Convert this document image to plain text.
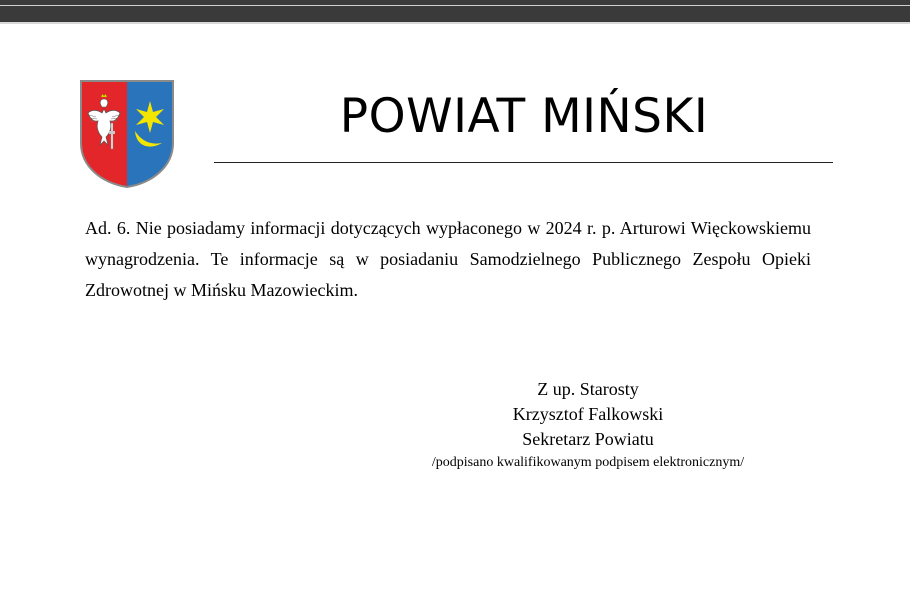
POWIAT MIŃSKI
Ad. 6. Nie posiadamy informacji dotyczących wypłaconego w 2024 r. p. Arturowi Więckowskiemu wynagrodzenia. Te informacje są w posiadaniu Samodzielnego Publicznego Zespołu Opieki Zdrowotnej w Mińsku Mazowieckim.
Z up. Starosty
Krzysztof Falkowski
Sekretarz Powiatu
/podpisano kwalifikowanym podpisem elektronicznym/
